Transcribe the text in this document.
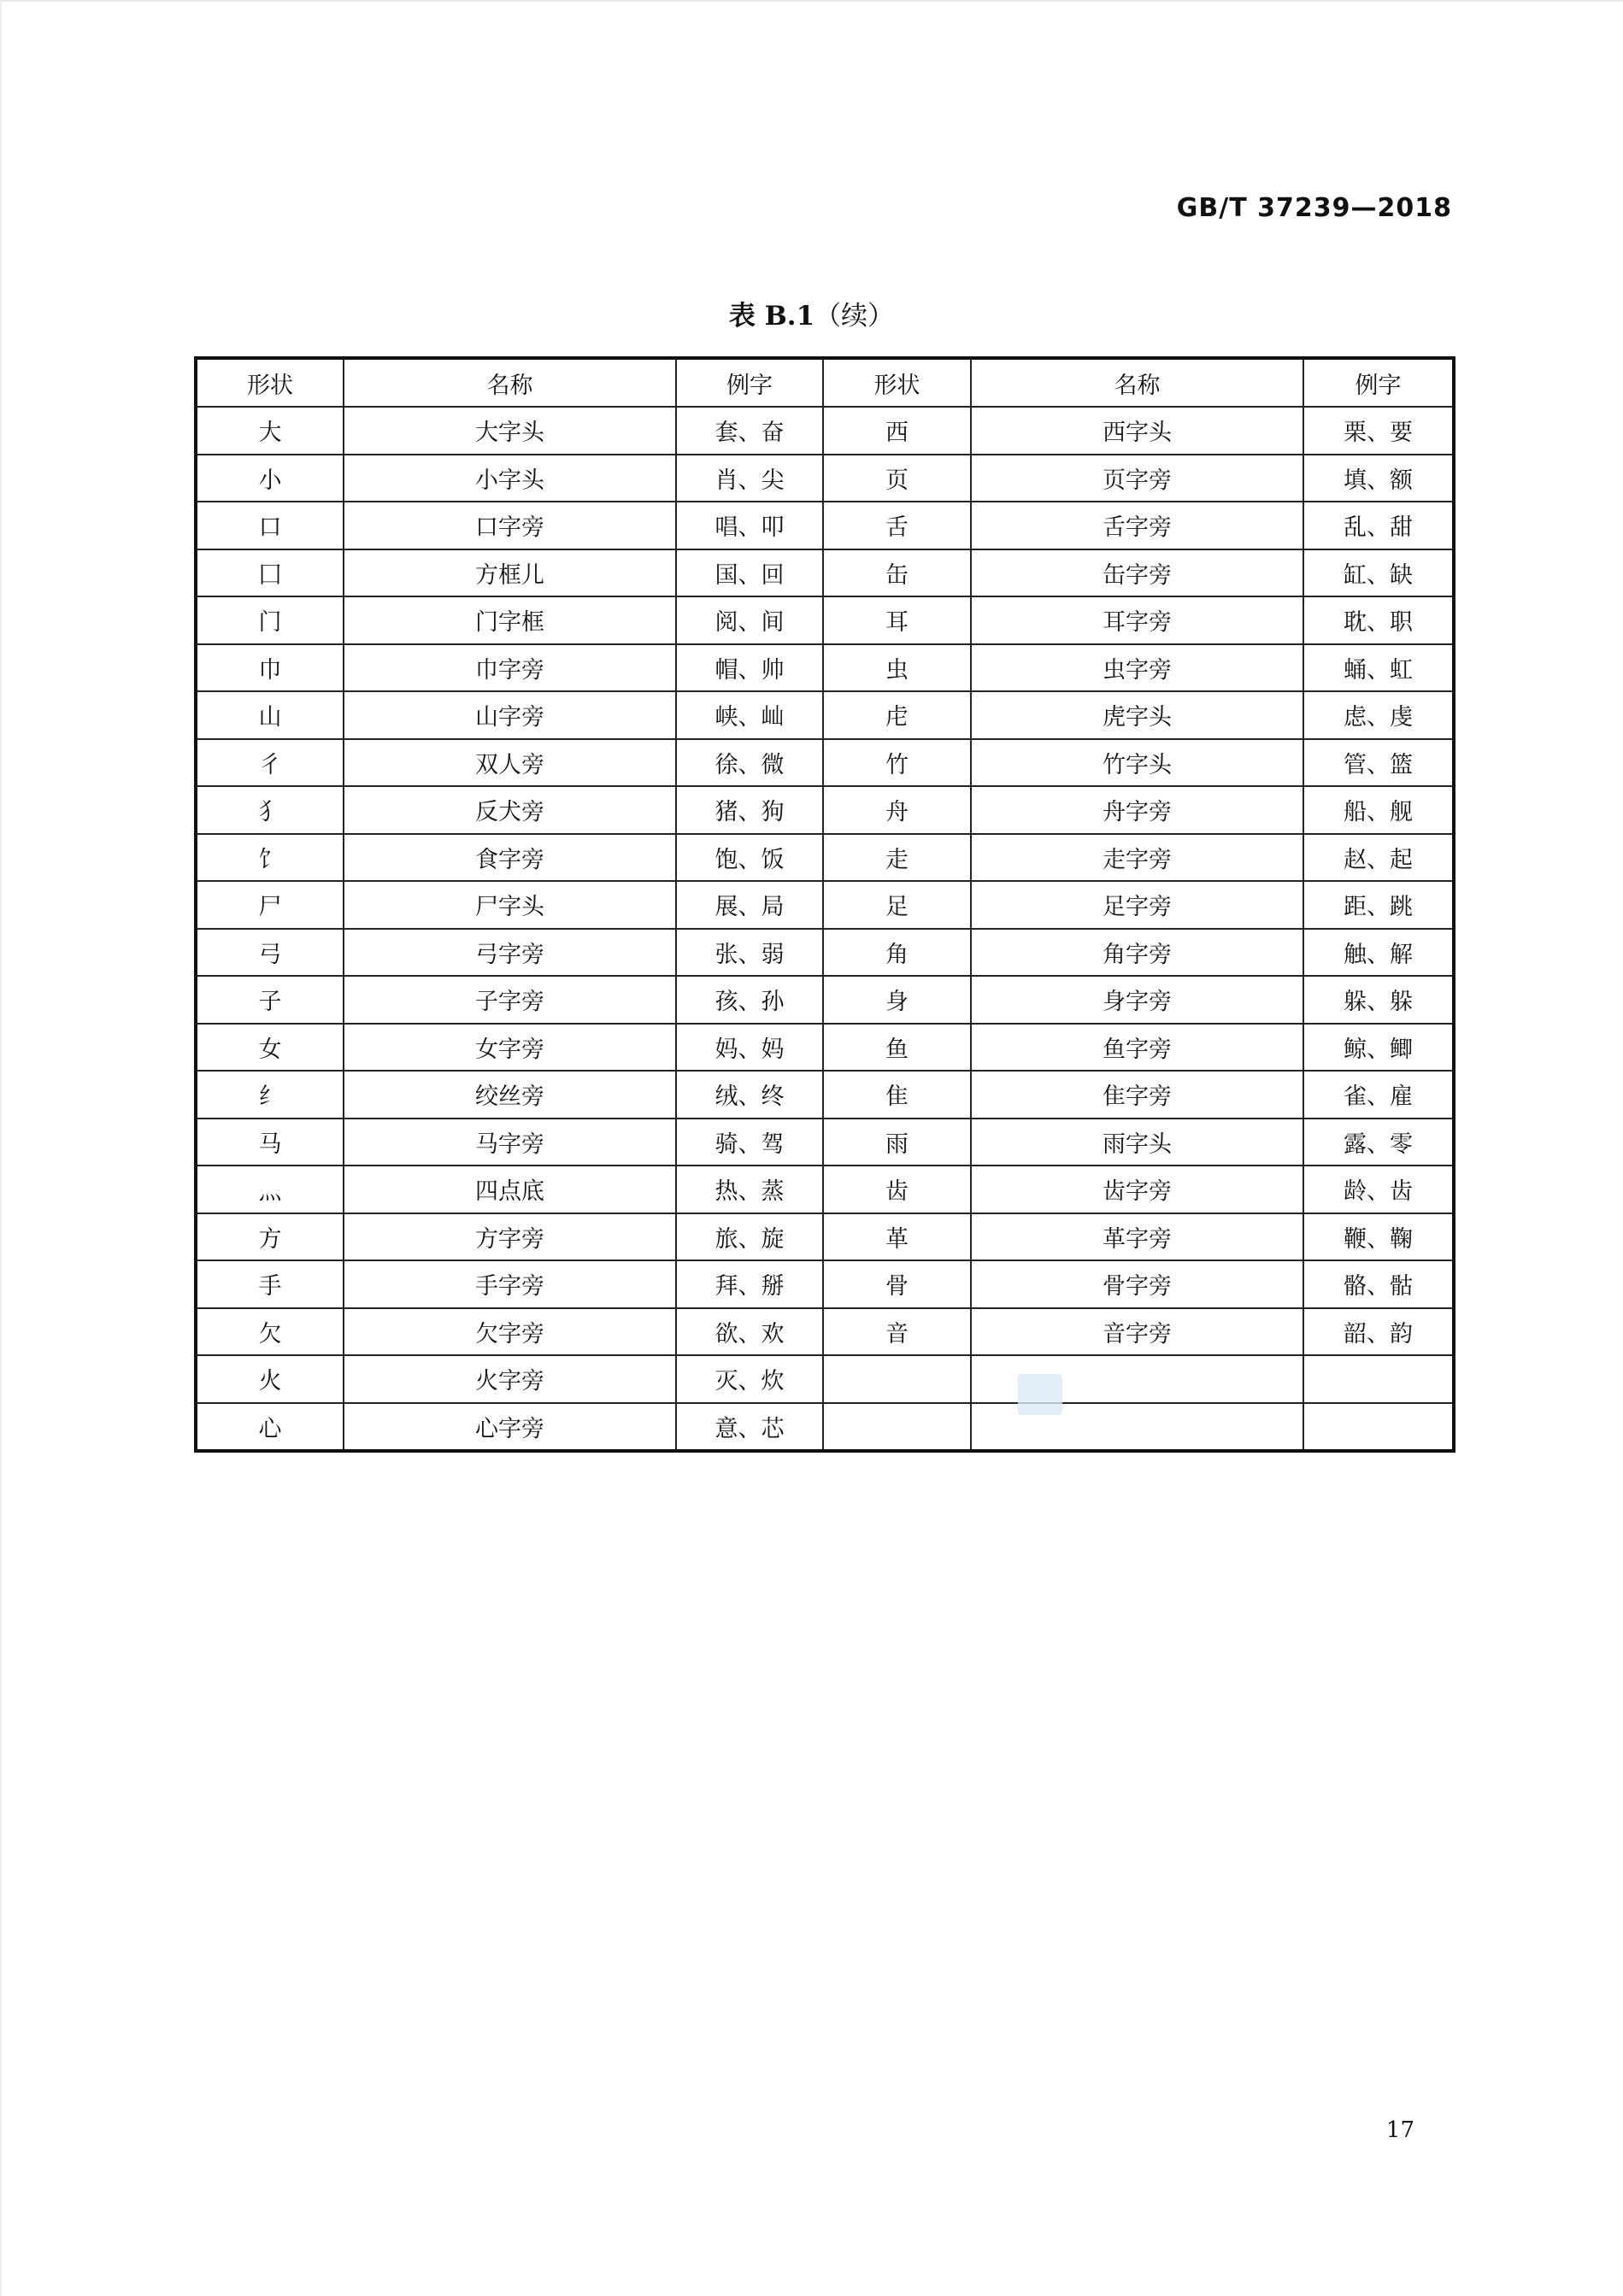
GB/T 37239—2018
表 B.1（续）
形状	名称	例字	形状	名称	例字
大	大字头	套、奋	西	西字头	栗、要
小	小字头	肖、尖	页	页字旁	填、额
口	口字旁	唱、叩	舌	舌字旁	乱、甜
囗	方框儿	国、回	缶	缶字旁	缸、缺
门	门字框	阅、间	耳	耳字旁	耽、职
巾	巾字旁	帽、帅	虫	虫字旁	蛹、虹
山	山字旁	峡、屾	虍	虎字头	虑、虔
彳	双人旁	徐、微	竹	竹字头	管、篮
犭	反犬旁	猪、狗	舟	舟字旁	船、舰
饣	食字旁	饱、饭	走	走字旁	赵、起
尸	尸字头	展、局	足	足字旁	距、跳
弓	弓字旁	张、弱	角	角字旁	触、解
子	子字旁	孩、孙	身	身字旁	躲、躲
女	女字旁	妈、妈	鱼	鱼字旁	鲸、鲫
纟	绞丝旁	绒、终	隹	隹字旁	雀、雇
马	马字旁	骑、驾	雨	雨字头	露、零
灬	四点底	热、蒸	齿	齿字旁	龄、齿
方	方字旁	旅、旋	革	革字旁	鞭、鞠
手	手字旁	拜、掰	骨	骨字旁	骼、骷
欠	欠字旁	欲、欢	音	音字旁	韶、韵
火	火字旁	灭、炊			
心	心字旁	意、芯			
17
